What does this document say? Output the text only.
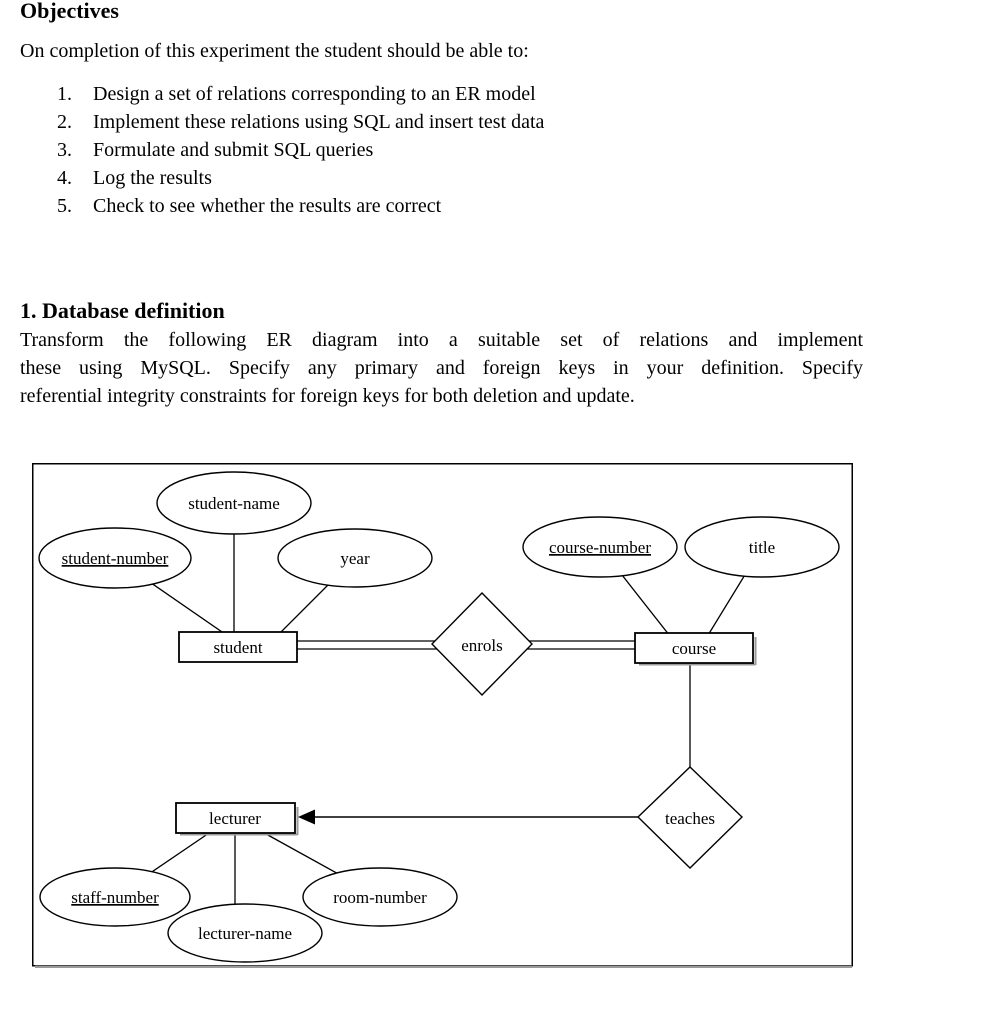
Objectives
On completion of this experiment the student should be able to:
1. Design a set of relations corresponding to an ER model
2. Implement these relations using SQL and insert test data
3. Formulate and submit SQL queries
4. Log the results
5. Check to see whether the results are correct
1. Database definition
Transform the following ER diagram into a suitable set of relations and implement
these using MySQL. Specify any primary and foreign keys in your definition. Specify
referential integrity constraints for foreign keys for both deletion and update.
student-name
student-number	year
course-number	title
staff-number
lecturer-name
room-number
enrols
teaches
student	course
lecturer
